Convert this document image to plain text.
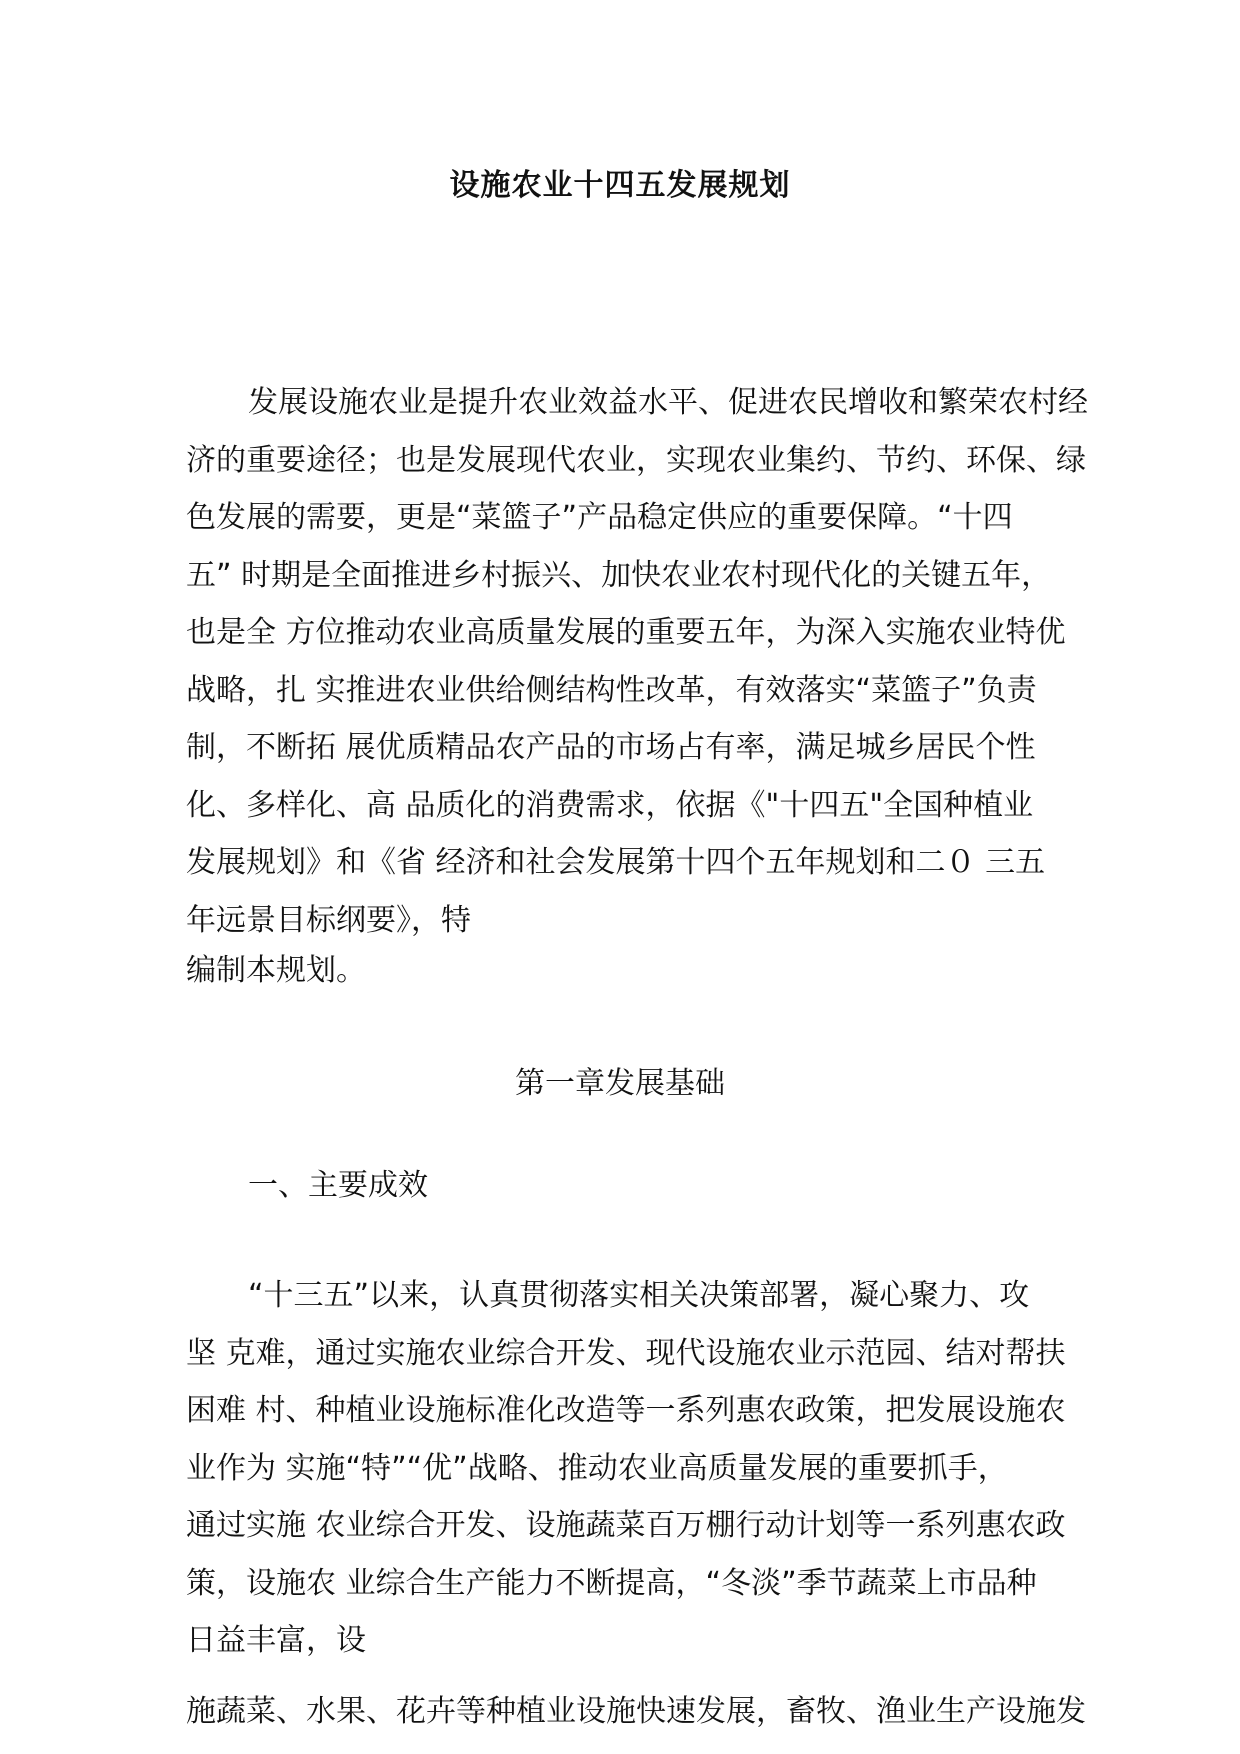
设施农业十四五发展规划
发展设施农业是提升农业效益水平、促进农民增收和繁荣农村经
济的重要途径；也是发展现代农业，实现农业集约、节约、环保、绿
色发展的需要，更是“菜篮子”产品稳定供应的重要保障。“十四
五” 时期是全面推进乡村振兴、加快农业农村现代化的关键五年，
也是全 方位推动农业高质量发展的重要五年，为深入实施农业特优
战略，扎 实推进农业供给侧结构性改革，有效落实“菜篮子”负责
制，不断拓 展优质精品农产品的市场占有率，满足城乡居民个性
化、多样化、高 品质化的消费需求，依据《"十四五"全国种植业
发展规划》和《省 经济和社会发展第十四个五年规划和二０ 三五
年远景目标纲要》，特
编制本规划。
第一章发展基础
一、主要成效
“十三五”以来，认真贯彻落实相关决策部署，凝心聚力、攻
坚 克难，通过实施农业综合开发、现代设施农业示范园、结对帮扶
困难 村、种植业设施标准化改造等一系列惠农政策，把发展设施农
业作为 实施“特”“优”战略、推动农业高质量发展的重要抓手，
通过实施 农业综合开发、设施蔬菜百万棚行动计划等一系列惠农政
策，设施农 业综合生产能力不断提高，“冬淡”季节蔬菜上市品种
日益丰富，设
施蔬菜、水果、花卉等种植业设施快速发展，畜牧、渔业生产设施发
